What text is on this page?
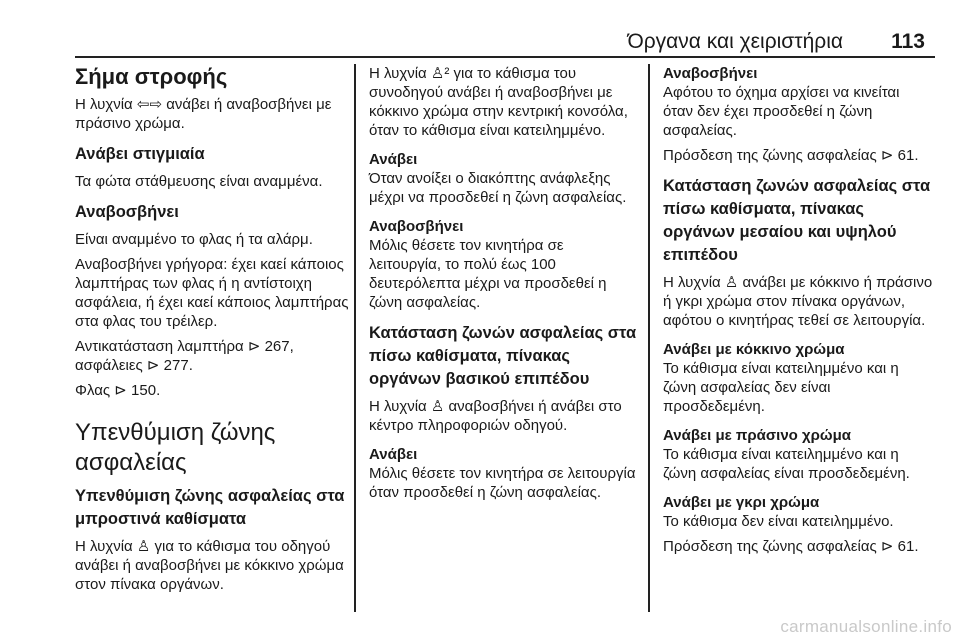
Όργανα και χειριστήρια 113
Σήμα στροφής

Η λυχνία ⇦⇨ ανάβει ή αναβοσβήνει με πράσινο χρώμα.

Ανάβει στιγμιαία

Τα φώτα στάθμευσης είναι αναμμένα.

Αναβοσβήνει

Είναι αναμμένο το φλας ή τα αλάρμ.

Αναβοσβήνει γρήγορα: έχει καεί κάποιος λαμπτήρας των φλας ή η αντίστοιχη ασφάλεια, ή έχει καεί κάποιος λαμπτήρας στα φλας του τρέιλερ.

Αντικατάσταση λαμπτήρα ⊳ 267, ασφάλειες ⊳ 277.

Φλας ⊳ 150.

Υπενθύμιση ζώνης ασφαλείας
Υπενθύμιση ζώνης ασφαλείας στα μπροστινά καθίσματα

Η λυχνία ♙ για το κάθισμα του οδηγού ανάβει ή αναβοσβήνει με κόκκινο χρώμα στον πίνακα οργάνων.

Η λυχνία ♙² για το κάθισμα του συνοδηγού ανάβει ή αναβοσβήνει με κόκκινο χρώμα στην κεντρική κονσόλα, όταν το κάθισμα είναι κατειλημμένο.

Ανάβει

Όταν ανοίξει ο διακόπτης ανάφλεξης μέχρι να προσδεθεί η ζώνη ασφαλείας.

Αναβοσβήνει

Μόλις θέσετε τον κινητήρα σε λειτουργία, το πολύ έως 100 δευτερόλεπτα μέχρι να προσδεθεί η ζώνη ασφαλείας.

Κατάσταση ζωνών ασφαλείας στα πίσω καθίσματα, πίνακας οργάνων βασικού επιπέδου

Η λυχνία ♙ αναβοσβήνει ή ανάβει στο κέντρο πληροφοριών οδηγού.

Ανάβει

Μόλις θέσετε τον κινητήρα σε λειτουργία όταν προσδεθεί η ζώνη ασφαλείας.

Αναβοσβήνει

Αφότου το όχημα αρχίσει να κινείται όταν δεν έχει προσδεθεί η ζώνη ασφαλείας.

Πρόσδεση της ζώνης ασφαλείας ⊳ 61.

Κατάσταση ζωνών ασφαλείας στα πίσω καθίσματα, πίνακας οργάνων μεσαίου και υψηλού επιπέδου

Η λυχνία ♙ ανάβει με κόκκινο ή πράσινο ή γκρι χρώμα στον πίνακα οργάνων, αφότου ο κινητήρας τεθεί σε λειτουργία.

Ανάβει με κόκκινο χρώμα

Το κάθισμα είναι κατειλημμένο και η ζώνη ασφαλείας δεν είναι προσδεδεμένη.

Ανάβει με πράσινο χρώμα

Το κάθισμα είναι κατειλημμένο και η ζώνη ασφαλείας είναι προσδεδεμένη.

Ανάβει με γκρι χρώμα

Το κάθισμα δεν είναι κατειλημμένο.

Πρόσδεση της ζώνης ασφαλείας ⊳ 61.

carmanualsonline.info
